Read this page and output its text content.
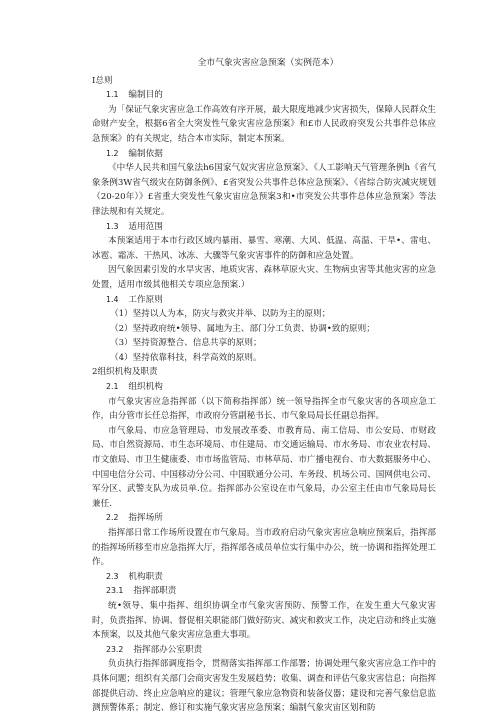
全市气象灾害应急预案（实例范本）
I总则
1.1 编制目的
为「保证气象灾害应急工作高效有序开展，最大限度地减少灾害损失，保障人民群众生命财产安全，根据6省全大突发性气象灾害应急预案》和£市人民政府突发公共事件总体应急预案》的有关规定，结合本市实际，制定本预案。
1.2 编制依据
《中华人民共和国气象法h6国家气奴灾害应急预案》、《人工影响天气管理条例h《省气象条例3W省气级灾在防御条例》、£省突发公共事件总体应急预案》、《省综合防灾减灾规划（20-20年）》£省重大突发性气象灾宙应急预案3和•市突发公共事件总体应急预案》等法律法规和有关规定。
1.3 适用范围
本预案适用于本市行政区域内暴雨、暴雪、寒潮、大风、低温、高温、干旱•、雷电、冰雹、霜冻、干热风、冰冻、大骤等气象灾害事件的防御和应急处置。
因气象因素引发的水旱灾害、地质灾害、森林草原火灾、生物病虫害等其他灾害的应急处置，适用市级其他相关专项应急预案.）
1.4 工作原则
（1）坚持以人为本，防灾与救灾并举、以防为主的原则；
（2）坚持政府统•领导、属地为主、部门分工负责、协调•致的原则；
（3）坚持资源整合、信息共享的原则；
（4）坚持依靠科技，科学高效的原则。
2组织机构及职责
2.1 组织机构
市气象灾害应急指挥部（以下简称指挥部）统一领导指挥全市气象灾害的各项应急工作，由分管市长任总指挥，市政府分管副秘书长、市气象局局长任副总指挥。
市气象局、市应急管理局、市发展改革委、市教育局、南工信局、市公安局、市财政局、市自然资源局、市生态环境局、市住建局、市交通运输局、市水务局、市农业农村局、市文旅局、市卫生健康委、市市场监管局、市林草局、市广播电视台、市大数据服务中心、中国电信分公司、中国移动分公司、中国联通分公司、车务段、机场公司、国网供电公司、军分区、武警支队为成员单.位。指挥部办公室设在市气象局，办公室主任由市气象局局长兼任.
2.2 指挥场所
指挥部日常工作场所设置在市气象局。当市政府启动气象灾害应急响应预案后，指挥部的指挥场所移至市应急指挥大厅，指挥部各成员单位实行集中办公，统一协调和指挥处理工作。
2.3 机构职责
23.1 指挥部职责
统•领导、集中指挥、组织协调全市气象灾害预防、预警工作，在发生重大气象灾害时，负责指挥、协调、督促相关职能部门做好防灾、减灾和救灾工作，决定启动和终止实施本预案，以及其他气象灾害应急重大事项。
23.2 指挥部办公室职责
负贞执行指挥部调度指令，贯彻落实指挥部工作部署；协调处理气象灾害应急工作中的具体问题；组织有关部门会商灾害发生发展趋势；收集、调查和评估气象灾害信息；向指挥部提供启动、终止应急响应的建议；管理气象应急物资和装备仪器；建设和完善气象信息监测预警体系；制定、修订和实施气象灾害应急预案；编制气象灾宙区划和防
